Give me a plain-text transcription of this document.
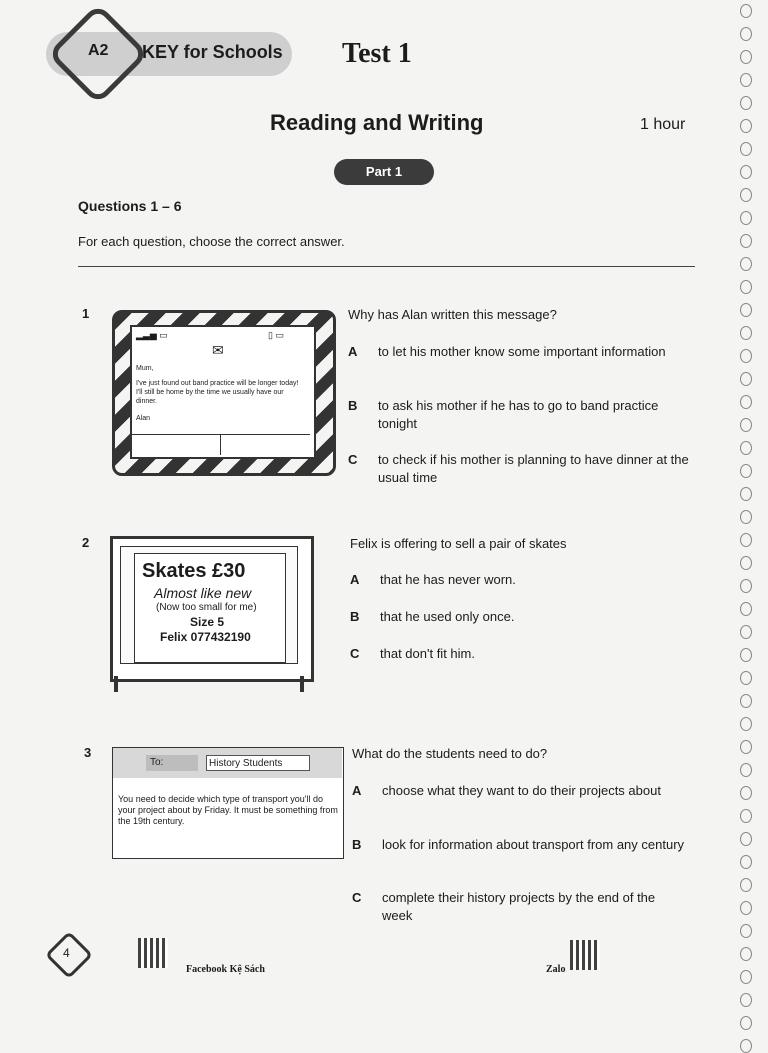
A2 KEY for Schools Test 1
Reading and Writing	1 hour
Part 1
Questions 1 – 6
For each question, choose the correct answer.
1
▂▃▅ ▭	▯ ▭
✉
Mum,
I've just found out band practice will be longer today! I'll still be home by the time we usually have our dinner.
Alan
Why has Alan written this message?
A to let his mother know some important information
B to ask his mother if he has to go to band practice tonight
C to check if his mother is planning to have dinner at the usual time
2
Skates £30
Almost like new
(Now too small for me)
Size 5
Felix 077432190
Felix is offering to sell a pair of skates
A that he has never worn.
B that he used only once.
C that don't fit him.
3
To:	History Students
You need to decide which type of transport you'll do your project about by Friday. It must be something from the 19th century.
What do the students need to do?
A choose what they want to do their projects about
B look for information about transport from any century
C complete their history projects by the end of the week
4
Facebook Kệ Sách	Zalo
